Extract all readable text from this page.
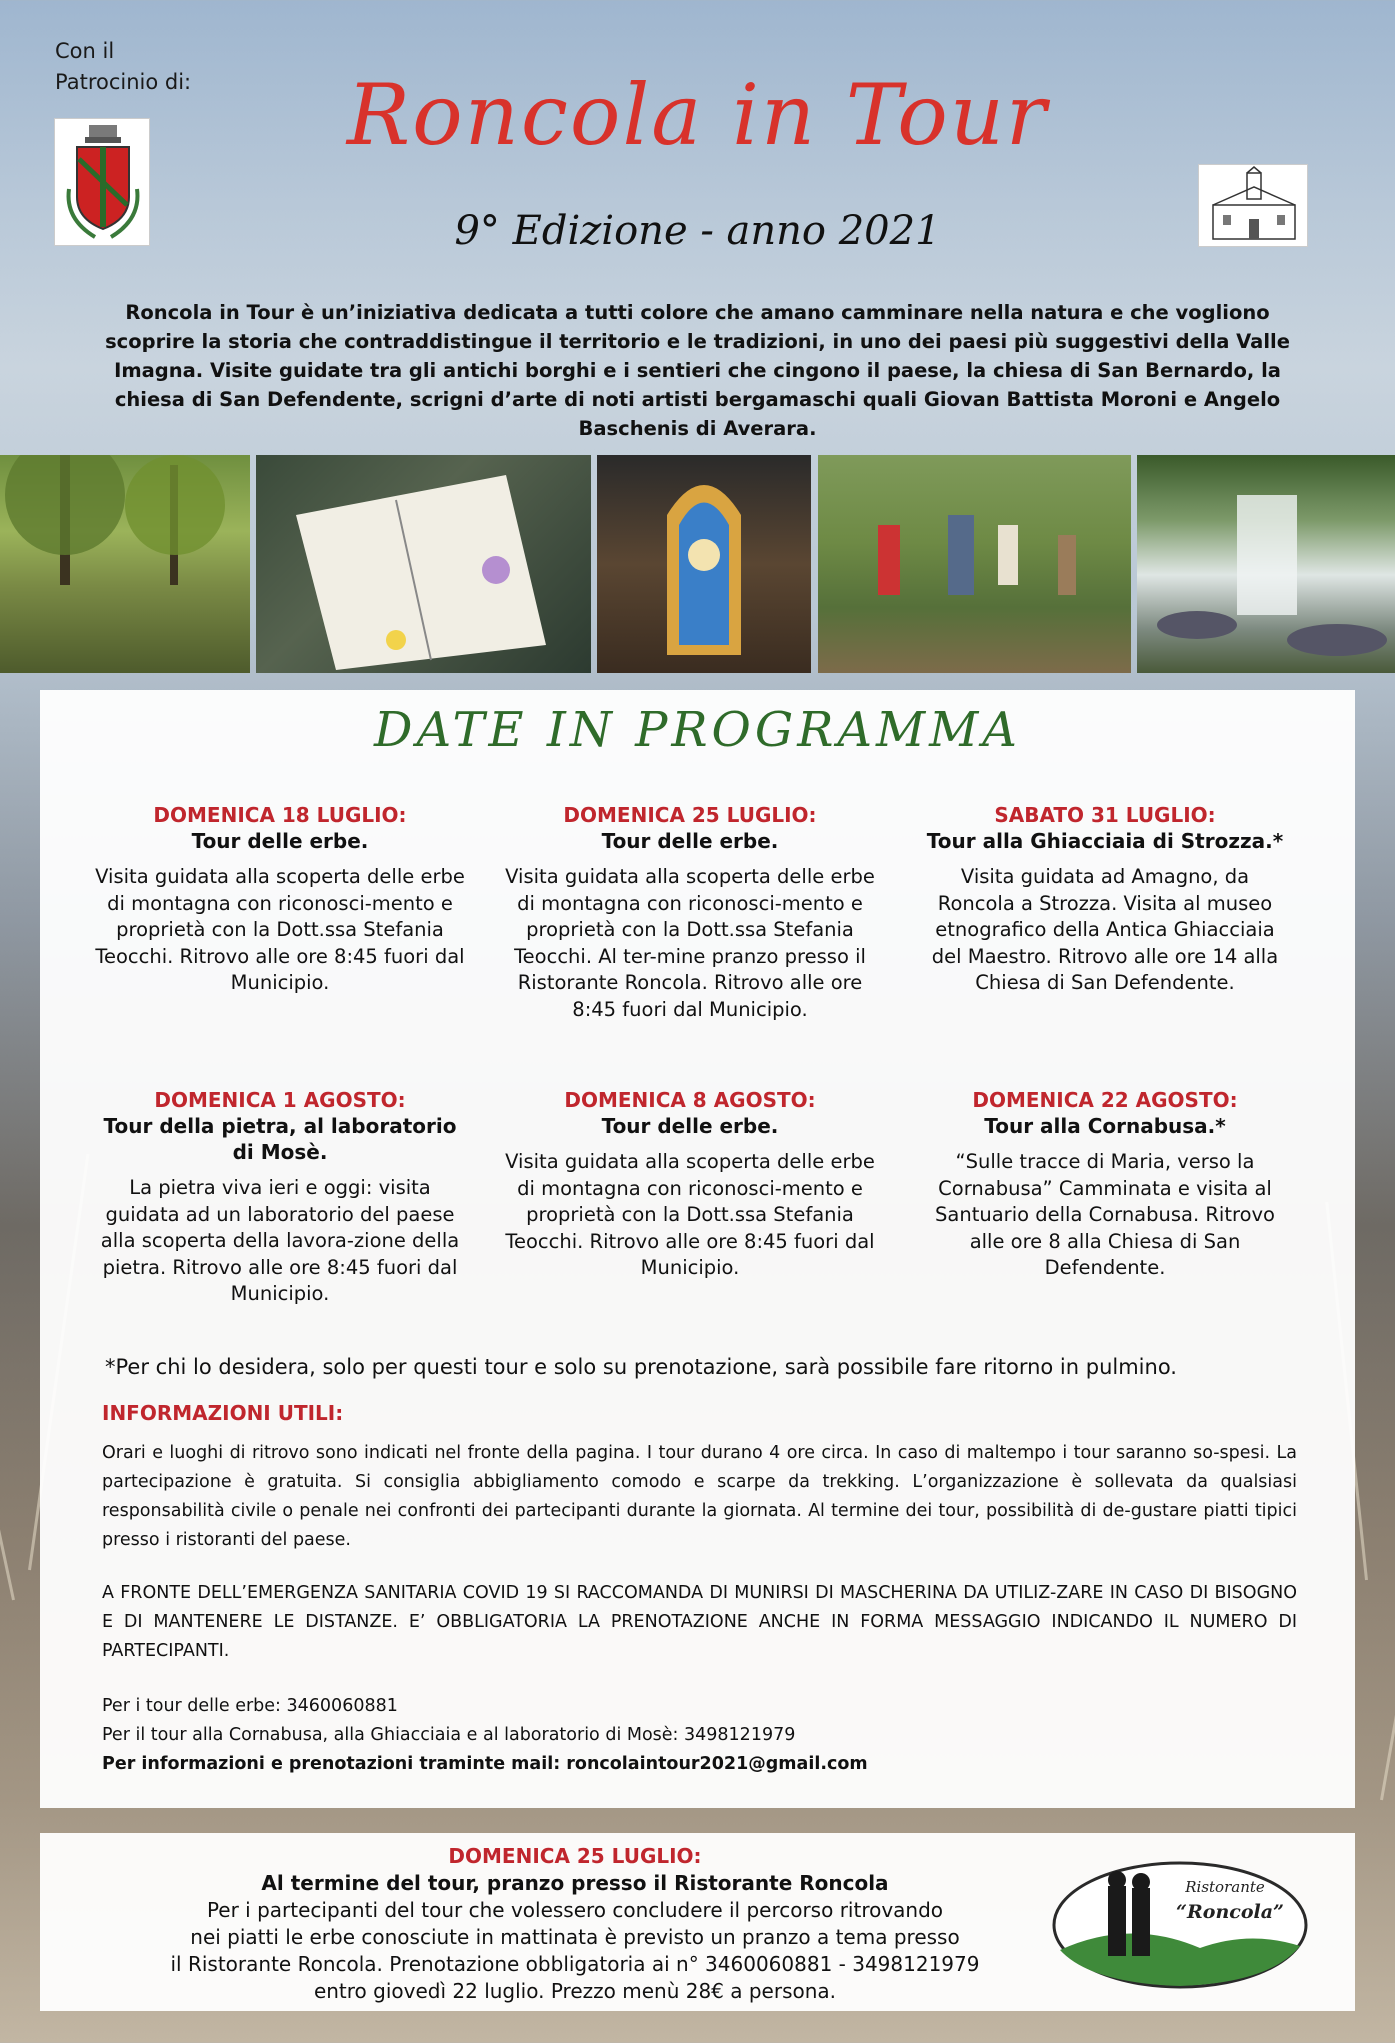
Con il
Patrocinio di:	Roncola in Tour
9° Edizione - anno 2021
Roncola in Tour è un’iniziativa dedicata a tutti colore che amano camminare nella natura e che vogliono scoprire la storia che contraddistingue il territorio e le tradizioni, in uno dei paesi più suggestivi della Valle Imagna. Visite guidate tra gli antichi borghi e i sentieri che cingono il paese, la chiesa di San Bernardo, la chiesa di San Defendente, scrigni d’arte di noti artisti bergamaschi quali Giovan Battista Moroni e Angelo Baschenis di Averara.
DATE IN PROGRAMMA
DOMENICA 18 LUGLIO:
Tour delle erbe.
Visita guidata alla scoperta delle erbe di montagna con riconosci-mento e proprietà con la Dott.ssa Stefania Teocchi. Ritrovo alle ore 8:45 fuori dal Municipio.
DOMENICA 25 LUGLIO:
Tour delle erbe.
Visita guidata alla scoperta delle erbe di montagna con riconosci-mento e proprietà con la Dott.ssa Stefania Teocchi. Al ter-mine pranzo presso il Ristorante Roncola. Ritrovo alle ore 8:45 fuori dal Municipio.
SABATO 31 LUGLIO:
Tour alla Ghiacciaia di Strozza.*
Visita guidata ad Amagno, da Roncola a Strozza. Visita al museo etnografico della Antica Ghiacciaia del Maestro. Ritrovo alle ore 14 alla Chiesa di San Defendente.
DOMENICA 1 AGOSTO:
Tour della pietra, al laboratorio di Mosè.
La pietra viva ieri e oggi: visita guidata ad un laboratorio del paese alla scoperta della lavora-zione della pietra. Ritrovo alle ore 8:45 fuori dal Municipio.
DOMENICA 8 AGOSTO:
Tour delle erbe.
Visita guidata alla scoperta delle erbe di montagna con riconosci-mento e proprietà con la Dott.ssa Stefania Teocchi. Ritrovo alle ore 8:45 fuori dal Municipio.
DOMENICA 22 AGOSTO:
Tour alla Cornabusa.*
“Sulle tracce di Maria, verso la Cornabusa” Camminata e visita al Santuario della Cornabusa. Ritrovo alle ore 8 alla Chiesa di San Defendente.
*Per chi lo desidera, solo per questi tour e solo su prenotazione, sarà possibile fare ritorno in pulmino.
INFORMAZIONI UTILI:
Orari e luoghi di ritrovo sono indicati nel fronte della pagina. I tour durano 4 ore circa. In caso di maltempo i tour saranno so-spesi. La partecipazione è gratuita. Si consiglia abbigliamento comodo e scarpe da trekking. L’organizzazione è sollevata da qualsiasi responsabilità civile o penale nei confronti dei partecipanti durante la giornata. Al termine dei tour, possibilità di de-gustare piatti tipici presso i ristoranti del paese.
A FRONTE DELL’EMERGENZA SANITARIA COVID 19 SI RACCOMANDA DI MUNIRSI DI MASCHERINA DA UTILIZ-ZARE IN CASO DI BISOGNO E DI MANTENERE LE DISTANZE. E’ OBBLIGATORIA LA PRENOTAZIONE ANCHE IN FORMA MESSAGGIO INDICANDO IL NUMERO DI PARTECIPANTI.
Per i tour delle erbe: 3460060881
Per il tour alla Cornabusa, alla Ghiacciaia e al laboratorio di Mosè: 3498121979
Per informazioni e prenotazioni traminte mail: roncolaintour2021@gmail.com
DOMENICA 25 LUGLIO:
Al termine del tour, pranzo presso il Ristorante Roncola
Per i partecipanti del tour che volessero concludere il percorso ritrovando
nei piatti le erbe conosciute in mattinata è previsto un pranzo a tema presso
il Ristorante Roncola. Prenotazione obbligatoria ai n° 3460060881 - 3498121979
entro giovedì 22 luglio. Prezzo menù 28€ a persona.
Ristorante
“Roncola”
